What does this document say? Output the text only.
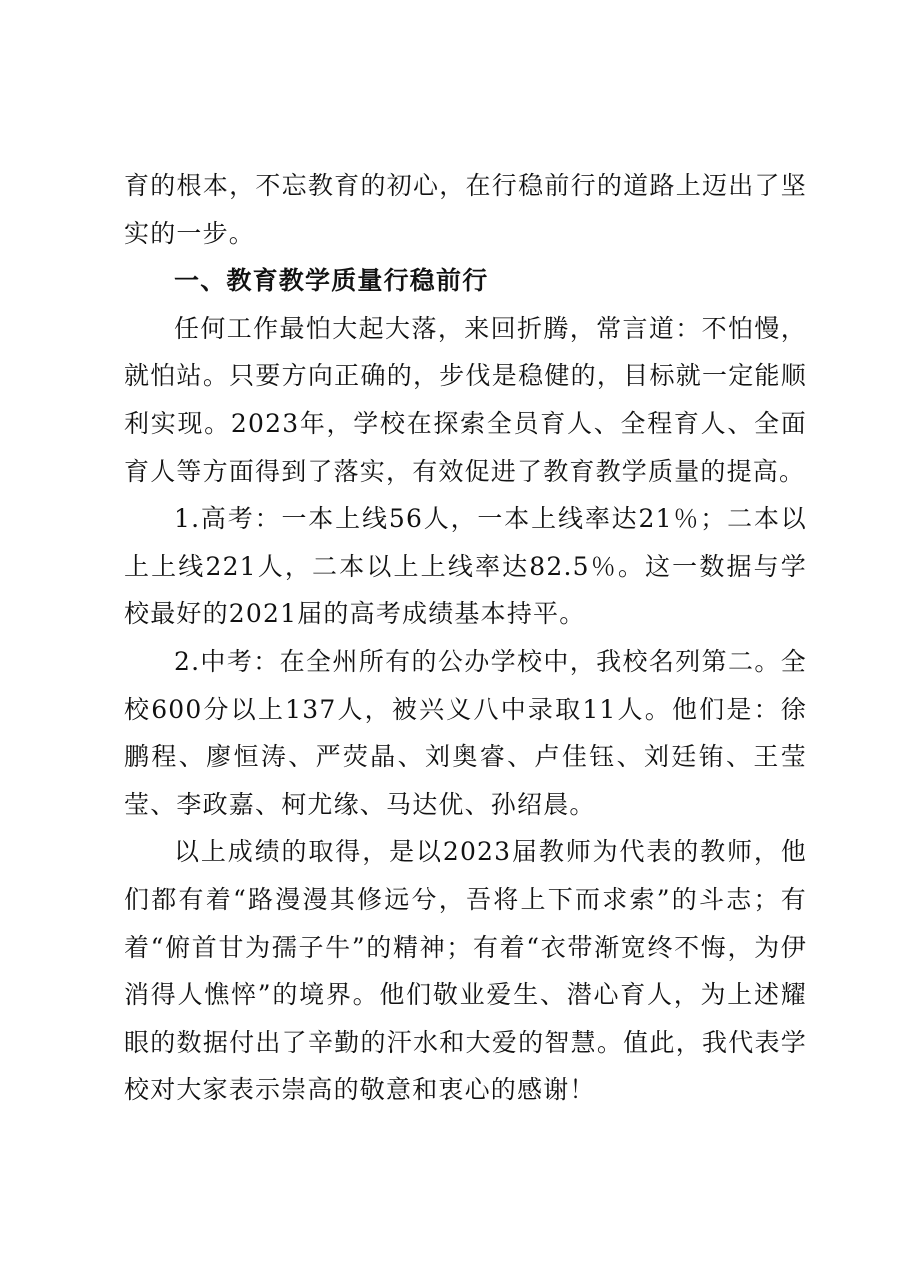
育的根本，不忘教育的初心，在行稳前行的道路上迈出了坚实的一步。

一、教育教学质量行稳前行

任何工作最怕大起大落，来回折腾，常言道：不怕慢，就怕站。只要方向正确的，步伐是稳健的，目标就一定能顺利实现。2023年，学校在探索全员育人、全程育人、全面育人等方面得到了落实，有效促进了教育教学质量的提高。

1.高考：一本上线56人，一本上线率达21％；二本以上上线221人，二本以上上线率达82.5％。这一数据与学校最好的2021届的高考成绩基本持平。

2.中考：在全州所有的公办学校中，我校名列第二。全校600分以上137人，被兴义八中录取11人。他们是：徐鹏程、廖恒涛、严荧晶、刘奥睿、卢佳钰、刘廷铕、王莹莹、李政嘉、柯尤缘、马达优、孙绍晨。

以上成绩的取得，是以2023届教师为代表的教师，他们都有着“路漫漫其修远兮，吾将上下而求索”的斗志；有着“俯首甘为孺子牛”的精神；有着“衣带渐宽终不悔，为伊消得人憔悴”的境界。他们敬业爱生、潜心育人，为上述耀眼的数据付出了辛勤的汗水和大爱的智慧。值此，我代表学校对大家表示崇高的敬意和衷心的感谢！
